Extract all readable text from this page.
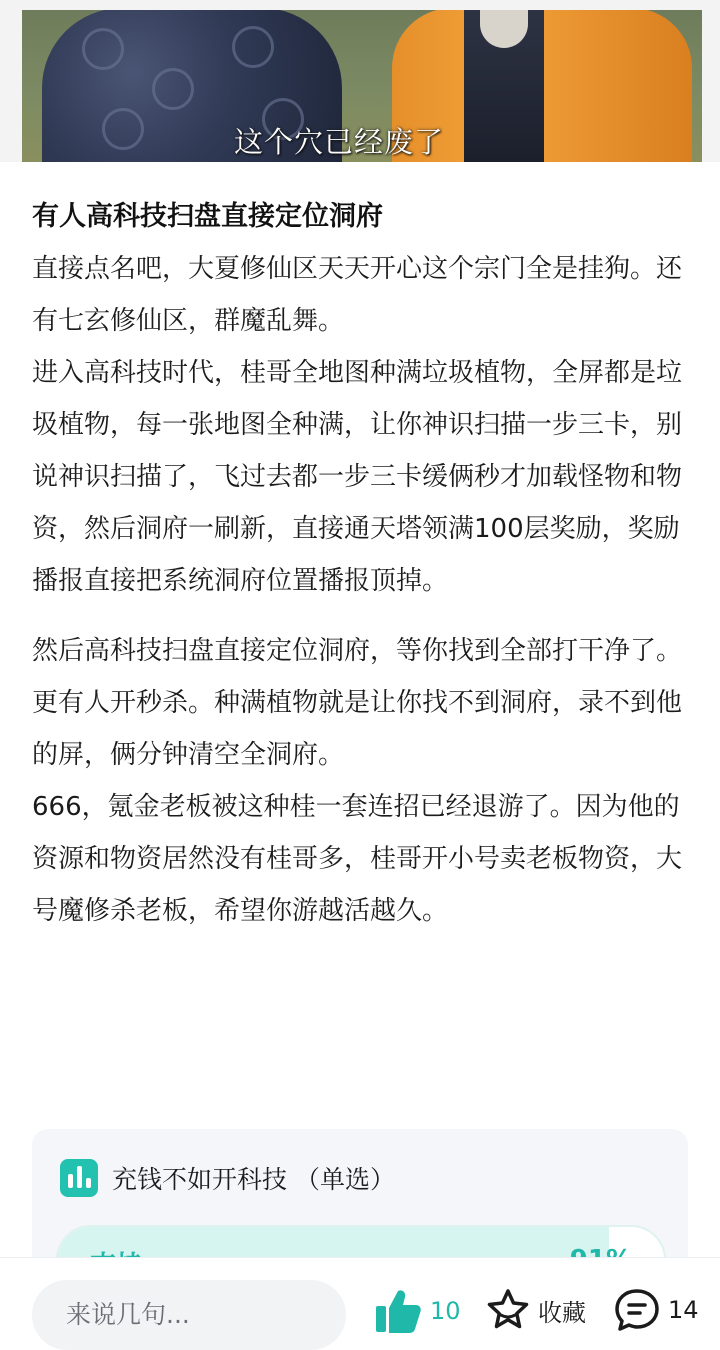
这个穴已经废了
有人高科技扫盘直接定位洞府

直接点名吧，大夏修仙区天天开心这个宗门全是挂狗。还有七玄修仙区，群魔乱舞。

进入高科技时代，桂哥全地图种满垃圾植物，全屏都是垃圾植物，每一张地图全种满，让你神识扫描一步三卡，别说神识扫描了，飞过去都一步三卡缓俩秒才加载怪物和物资，然后洞府一刷新，直接通天塔领满100层奖励，奖励播报直接把系统洞府位置播报顶掉。

然后高科技扫盘直接定位洞府，等你找到全部打干净了。

更有人开秒杀。种满植物就是让你找不到洞府，录不到他的屏，俩分钟清空全洞府。

666，氪金老板被这种桂一套连招已经退游了。因为他的资源和物资居然没有桂哥多，桂哥开小号卖老板物资，大号魔修杀老板，希望你游越活越久。

充钱不如开科技 （单选）
来说几句...	10	收藏	14
